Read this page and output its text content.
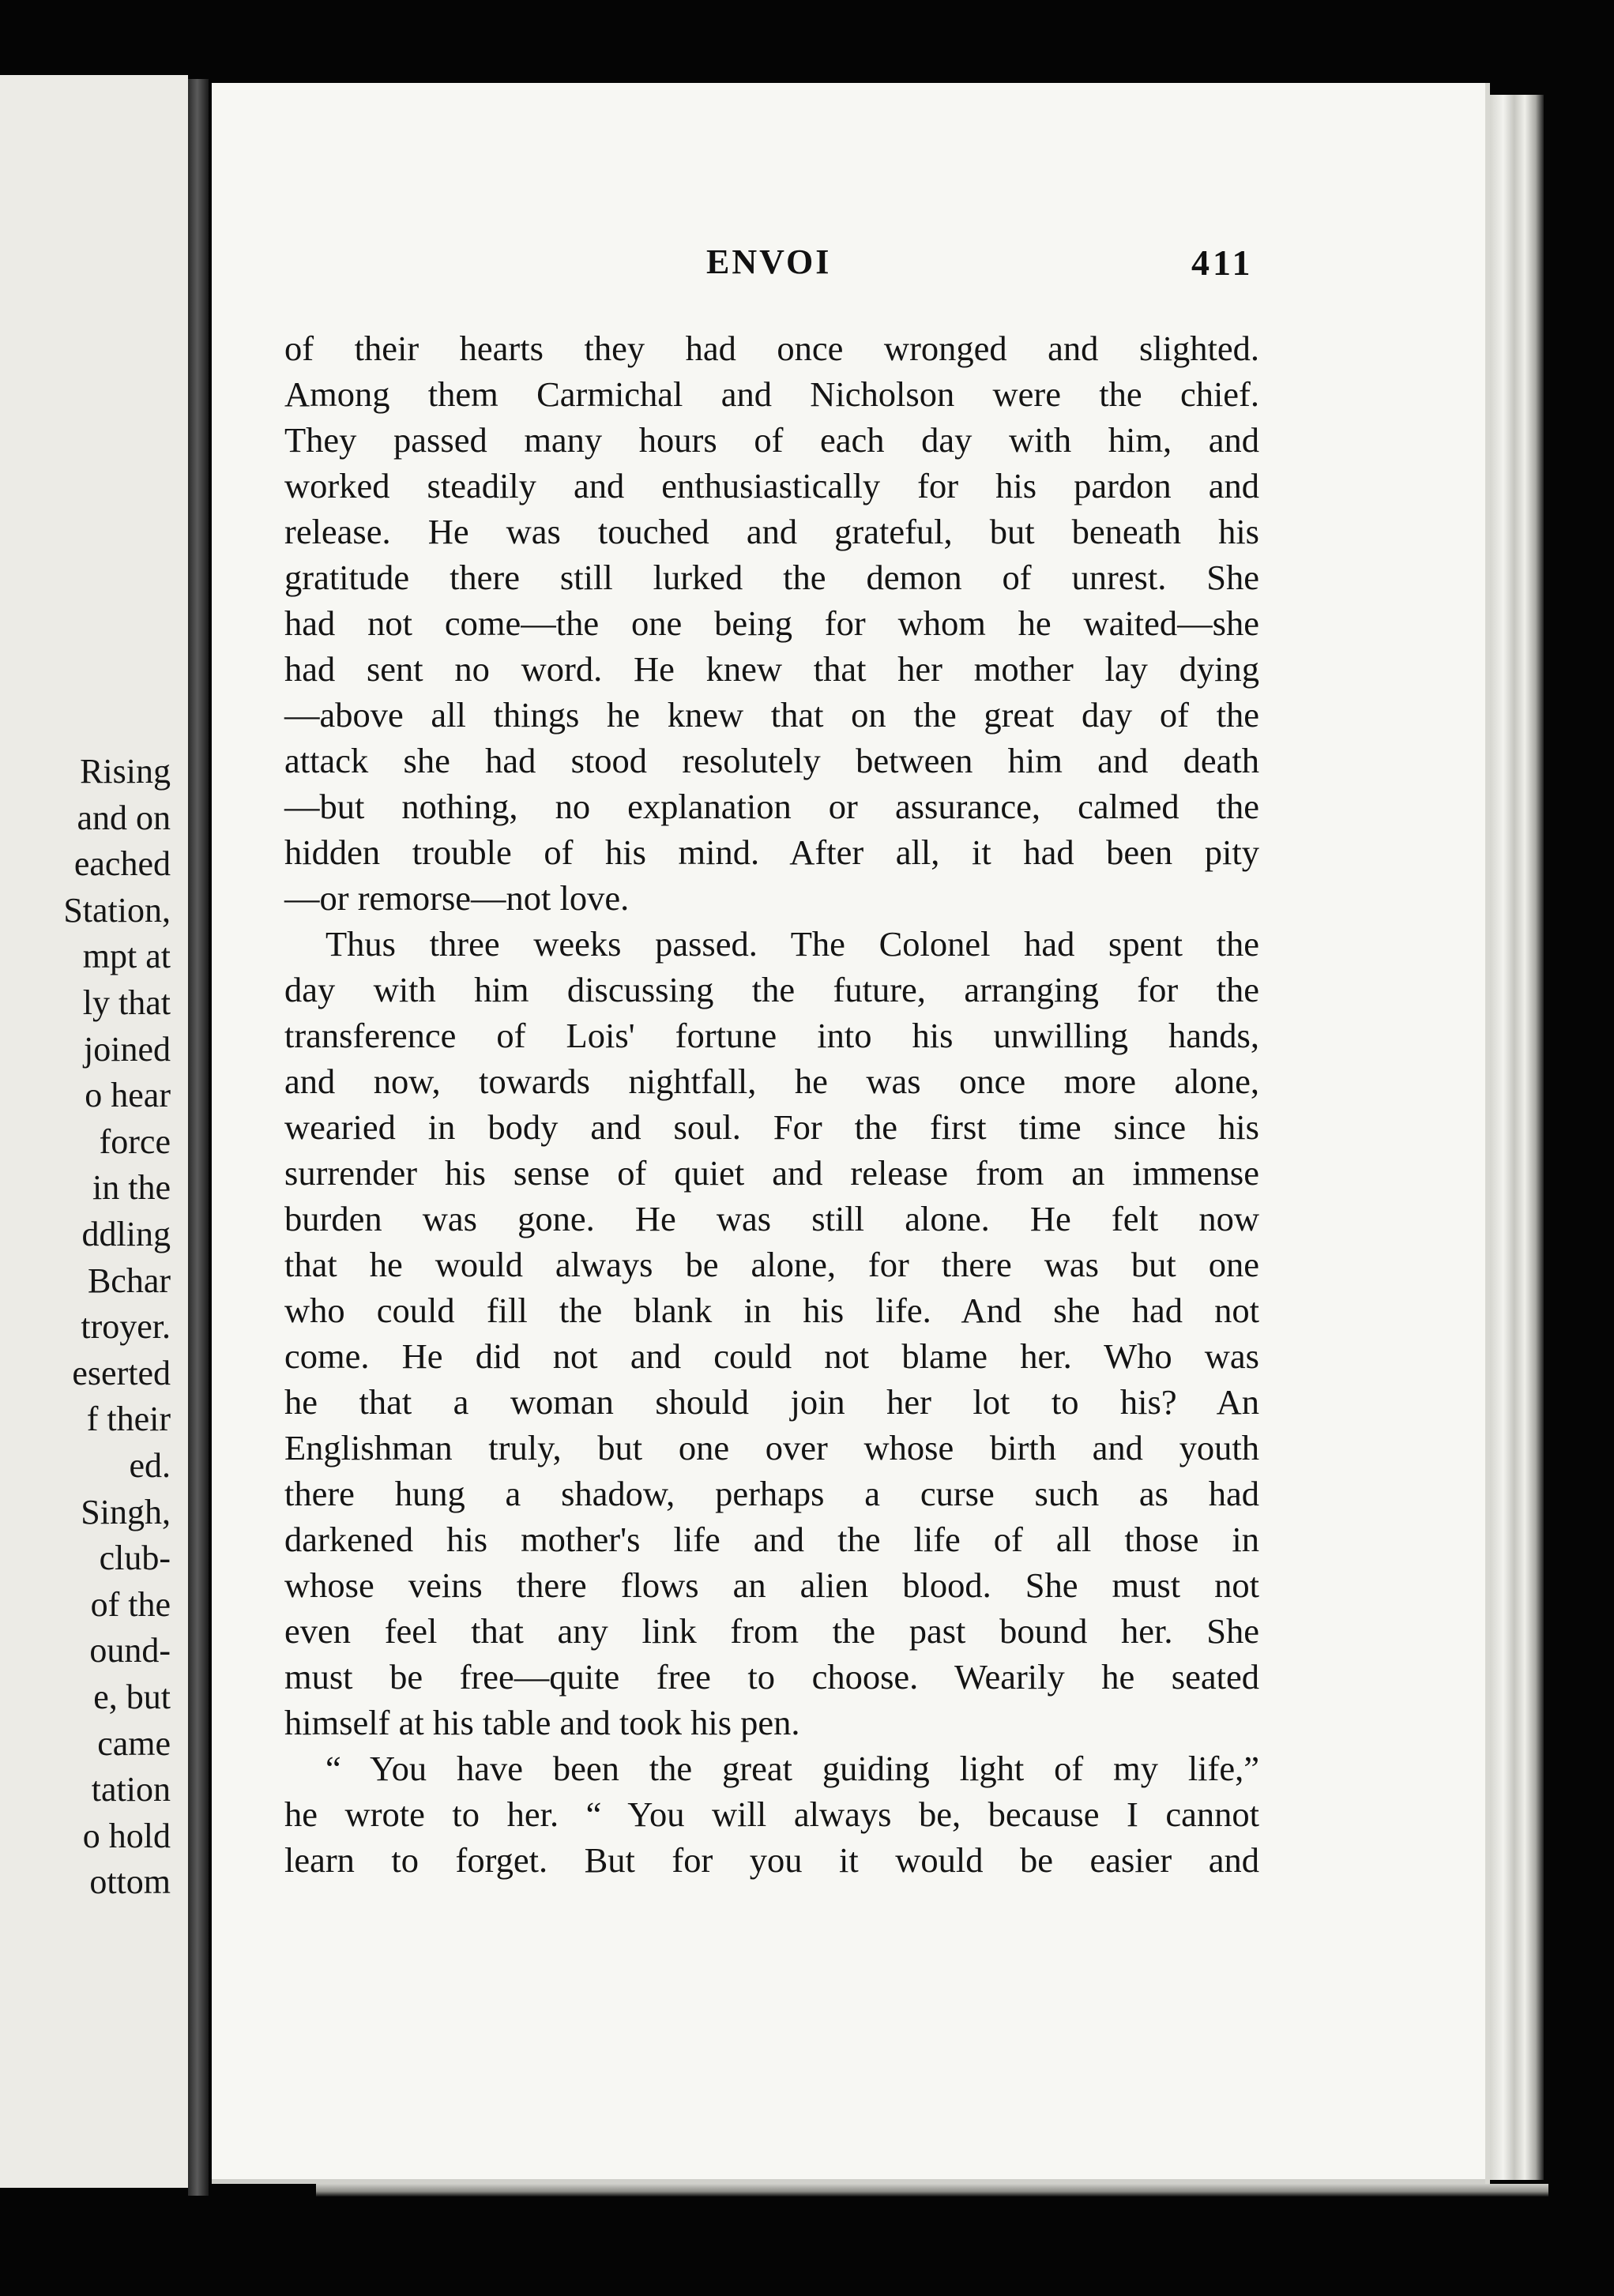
Rising

and on

eached

Station,

mpt at

ly that

joined

o hear

force

in the

ddling

Bchar

troyer.

eserted

f their

ed.

Singh,

club-

of the

ound-

e, but

came

tation

o hold

ottom

ENVOI	411

of their hearts they had once wronged and slighted.

Among them Carmichal and Nicholson were the chief.

They passed many hours of each day with him, and

worked steadily and enthusiastically for his pardon and

release. He was touched and grateful, but beneath his

gratitude there still lurked the demon of unrest. She

had not come—the one being for whom he waited—she

had sent no word. He knew that her mother lay dying

—above all things he knew that on the great day of the

attack she had stood resolutely between him and death

—but nothing, no explanation or assurance, calmed the

hidden trouble of his mind. After all, it had been pity

—or remorse—not love.

Thus three weeks passed. The Colonel had spent the

day with him discussing the future, arranging for the

transference of Lois' fortune into his unwilling hands,

and now, towards nightfall, he was once more alone,

wearied in body and soul. For the first time since his

surrender his sense of quiet and release from an immense

burden was gone. He was still alone. He felt now

that he would always be alone, for there was but one

who could fill the blank in his life. And she had not

come. He did not and could not blame her. Who was

he that a woman should join her lot to his? An

Englishman truly, but one over whose birth and youth

there hung a shadow, perhaps a curse such as had

darkened his mother's life and the life of all those in

whose veins there flows an alien blood. She must not

even feel that any link from the past bound her. She

must be free—quite free to choose. Wearily he seated

himself at his table and took his pen.

“ You have been the great guiding light of my life,”

he wrote to her. “ You will always be, because I cannot

learn to forget. But for you it would be easier and
